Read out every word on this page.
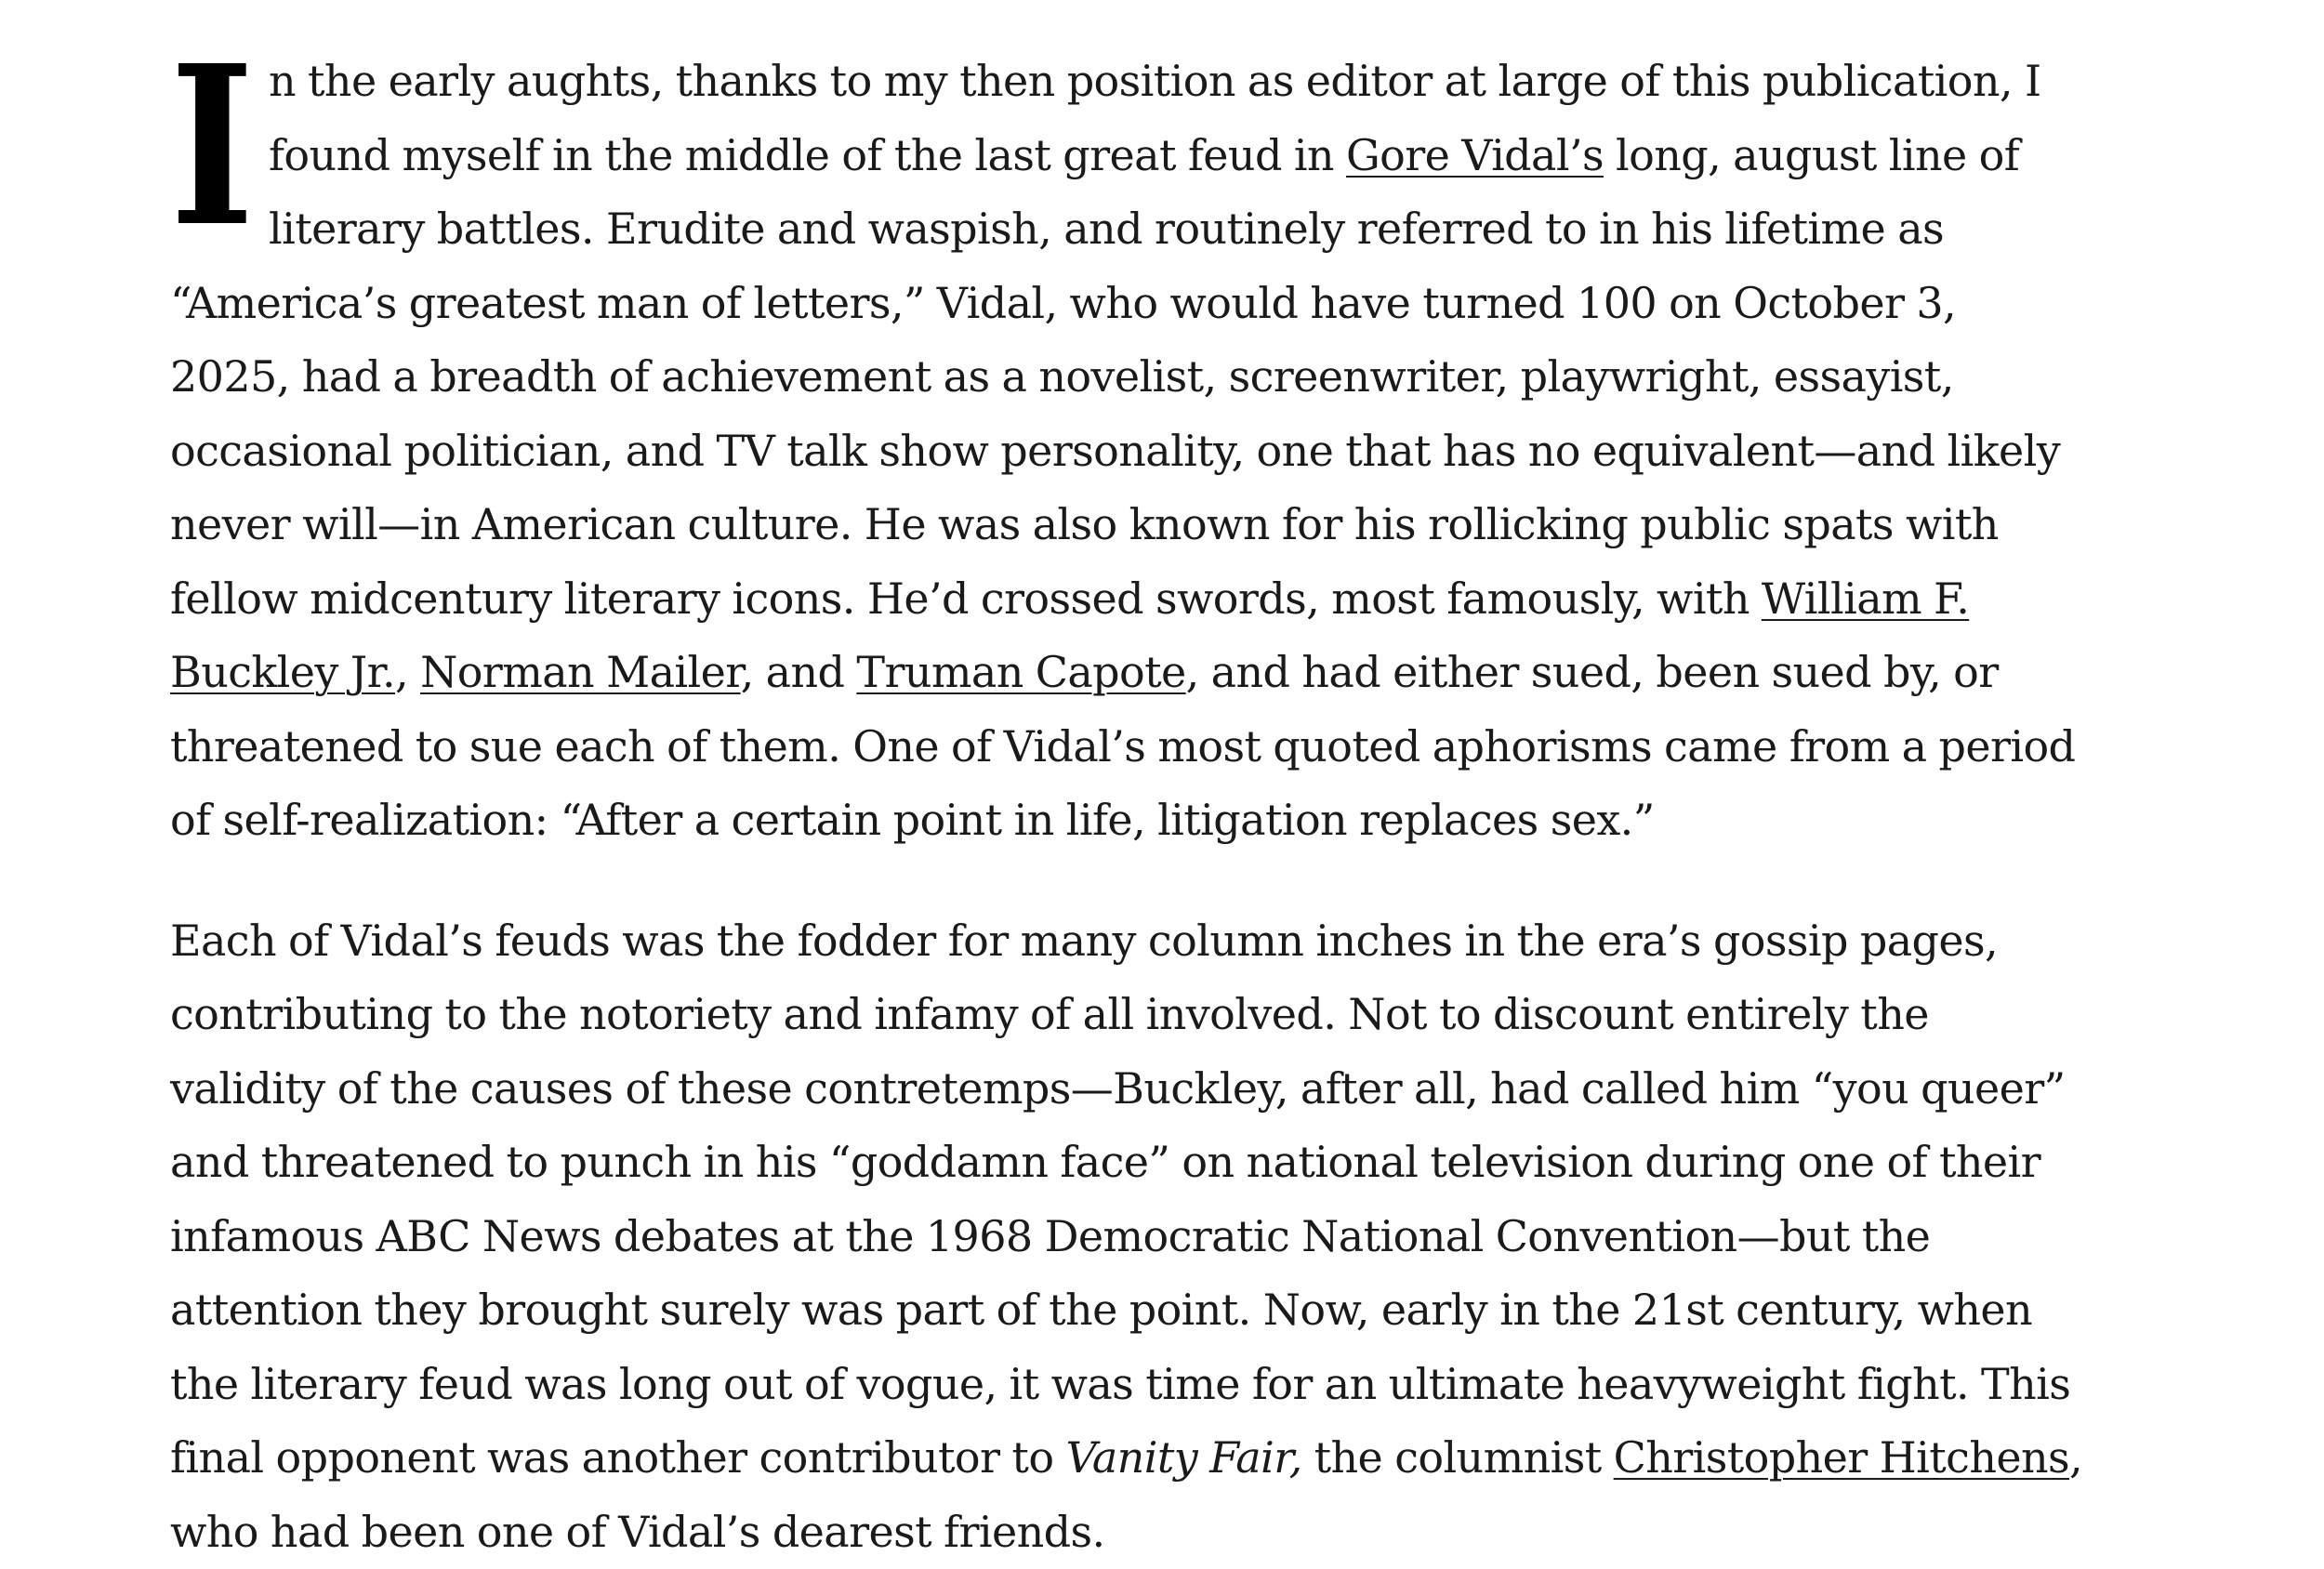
In the early aughts, thanks to my then position as editor at large of this publication, I found myself in the middle of the last great feud in Gore Vidal’s long, august line of literary battles. Erudite and waspish, and routinely referred to in his lifetime as “America’s greatest man of letters,” Vidal, who would have turned 100 on October 3, 2025, had a breadth of achievement as a novelist, screenwriter, playwright, essayist, occasional politician, and TV talk show personality, one that has no equivalent—and likely never will—in American culture. He was also known for his rollicking public spats with fellow midcentury literary icons. He’d crossed swords, most famously, with William F. Buckley Jr., Norman Mailer, and Truman Capote, and had either sued, been sued by, or threatened to sue each of them. One of Vidal’s most quoted aphorisms came from a period of self-realization: “After a certain point in life, litigation replaces sex.”

Each of Vidal’s feuds was the fodder for many column inches in the era’s gossip pages, contributing to the notoriety and infamy of all involved. Not to discount entirely the validity of the causes of these contretemps—Buckley, after all, had called him “you queer” and threatened to punch in his “goddamn face” on national television during one of their infamous ABC News debates at the 1968 Democratic National Convention—but the attention they brought surely was part of the point. Now, early in the 21st century, when the literary feud was long out of vogue, it was time for an ultimate heavyweight fight. This final opponent was another contributor to Vanity Fair, the columnist Christopher Hitchens, who had been one of Vidal’s dearest friends.
